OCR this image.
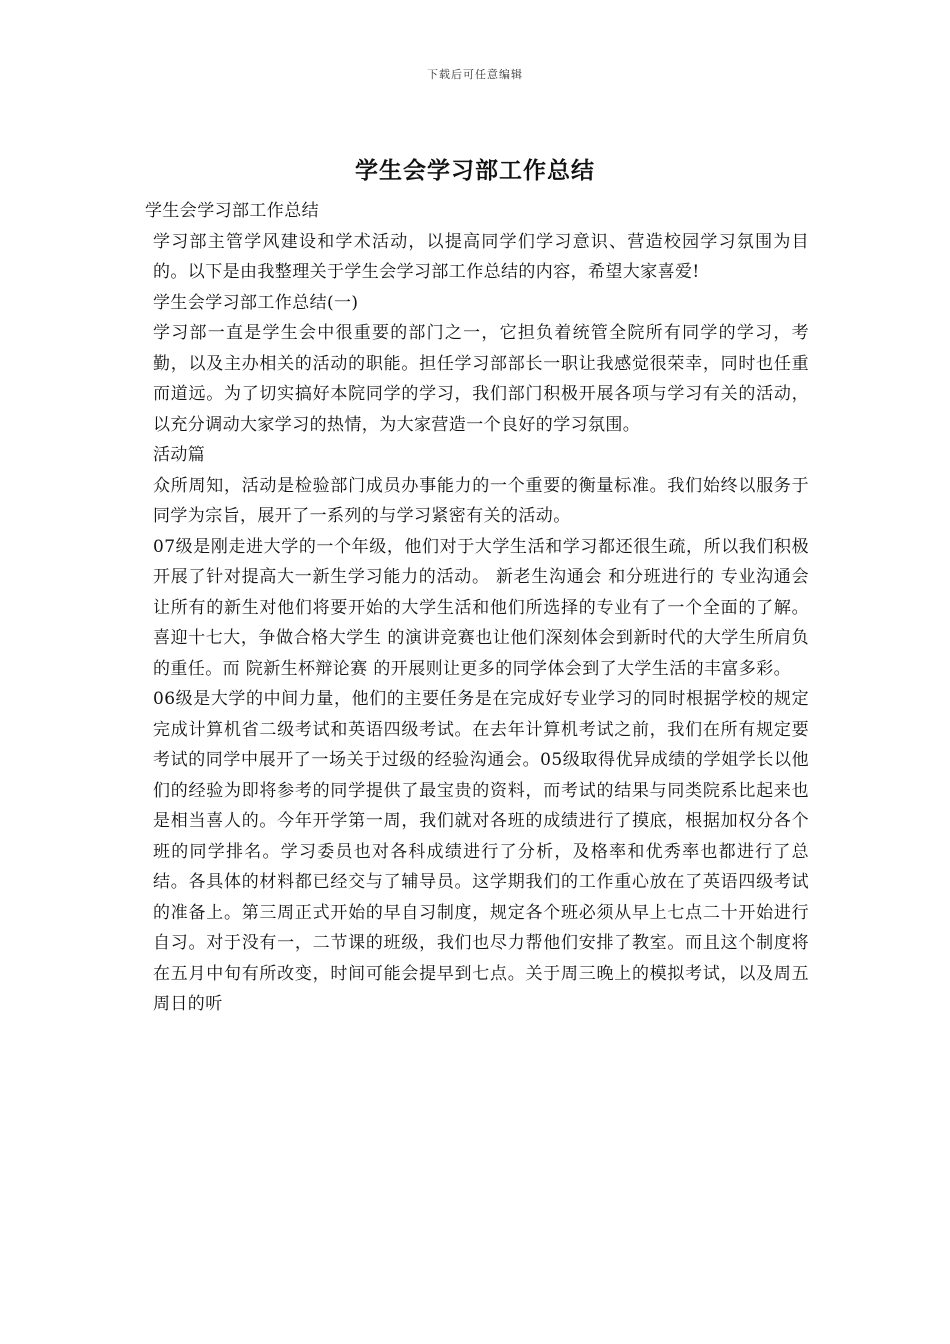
下载后可任意编辑
学生会学习部工作总结

学生会学习部工作总结

学习部主管学风建设和学术活动，以提高同学们学习意识、营造校园学习氛围为目的。以下是由我整理关于学生会学习部工作总结的内容，希望大家喜爱!

学生会学习部工作总结(一)

学习部一直是学生会中很重要的部门之一，它担负着统管全院所有同学的学习，考勤，以及主办相关的活动的职能。担任学习部部长一职让我感觉很荣幸，同时也任重而道远。为了切实搞好本院同学的学习，我们部门积极开展各项与学习有关的活动，以充分调动大家学习的热情，为大家营造一个良好的学习氛围。

活动篇

众所周知，活动是检验部门成员办事能力的一个重要的衡量标准。我们始终以服务于同学为宗旨，展开了一系列的与学习紧密有关的活动。

07级是刚走进大学的一个年级，他们对于大学生活和学习都还很生疏，所以我们积极开展了针对提高大一新生学习能力的活动。 新老生沟通会 和分班进行的 专业沟通会 让所有的新生对他们将要开始的大学生活和他们所选择的专业有了一个全面的了解。 喜迎十七大，争做合格大学生 的演讲竞赛也让他们深刻体会到新时代的大学生所肩负的重任。而 院新生杯辩论赛 的开展则让更多的同学体会到了大学生活的丰富多彩。

06级是大学的中间力量，他们的主要任务是在完成好专业学习的同时根据学校的规定完成计算机省二级考试和英语四级考试。在去年计算机考试之前，我们在所有规定要考试的同学中展开了一场关于过级的经验沟通会。05级取得优异成绩的学姐学长以他们的经验为即将参考的同学提供了最宝贵的资料，而考试的结果与同类院系比起来也是相当喜人的。今年开学第一周，我们就对各班的成绩进行了摸底，根据加权分各个班的同学排名。学习委员也对各科成绩进行了分析，及格率和优秀率也都进行了总结。各具体的材料都已经交与了辅导员。这学期我们的工作重心放在了英语四级考试的准备上。第三周正式开始的早自习制度，规定各个班必须从早上七点二十开始进行自习。对于没有一，二节课的班级，我们也尽力帮他们安排了教室。而且这个制度将在五月中旬有所改变，时间可能会提早到七点。关于周三晚上的模拟考试，以及周五周日的听
